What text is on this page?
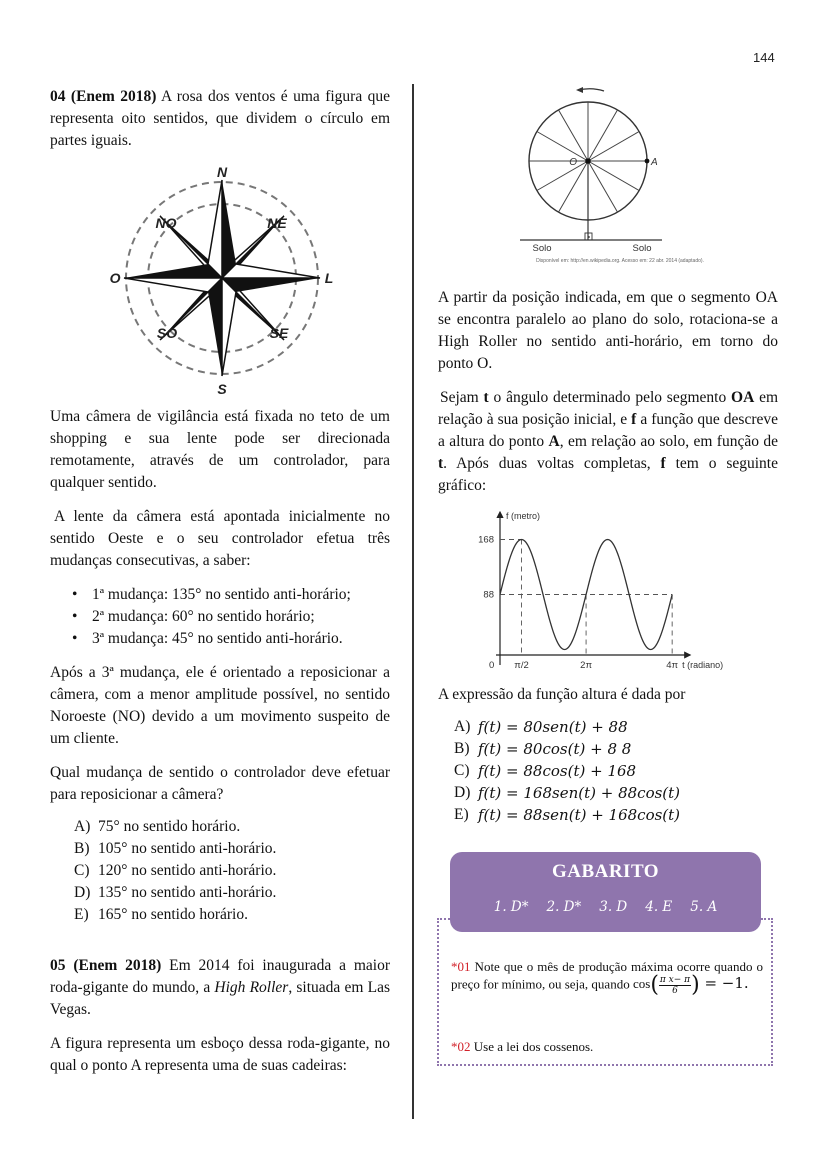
144

04 (Enem 2018) A rosa dos ventos é uma figura que representa oito sentidos, que dividem o círculo em partes iguais.

N
NE
L
SE
S
SO
O
NO

Uma câmera de vigilância está fixada no teto de um shopping e sua lente pode ser direcionada remotamente, através de um controlador, para qualquer sentido.

A lente da câmera está apontada inicialmente no sentido Oeste e o seu controlador efetua três mudanças consecutivas, a saber:

• 1ª mudança: 135° no sentido anti-horário;
• 2ª mudança: 60° no sentido horário;
• 3ª mudança: 45° no sentido anti-horário.

Após a 3ª mudança, ele é orientado a reposicionar a câmera, com a menor amplitude possível, no sentido Noroeste (NO) devido a um movimento suspeito de um cliente.

Qual mudança de sentido o controlador deve efetuar para reposicionar a câmera?

A) 75° no sentido horário.
B) 105° no sentido anti-horário.
C) 120° no sentido anti-horário.
D) 135° no sentido anti-horário.
E) 165° no sentido horário.

05 (Enem 2018) Em 2014 foi inaugurada a maior roda-gigante do mundo, a High Roller, situada em Las Vegas.

A figura representa um esboço dessa roda-gigante, no qual o ponto A representa uma de suas cadeiras:

O	A
Solo	Solo
Disponível em: http://en.wikipedia.org. Acesso em: 22 abr. 2014 (adaptado).

A partir da posição indicada, em que o segmento OA se encontra paralelo ao plano do solo, rotaciona-se a High Roller no sentido anti-horário, em torno do ponto O.

Sejam t o ângulo determinado pelo segmento OA em relação à sua posição inicial, e f a função que descreve a altura do ponto A, em relação ao solo, em função de t. Após duas voltas completas, f tem o seguinte gráfico:

f (metro)
t (radiano)
0 π/2	2π	4π
168
88

A expressão da função altura é dada por

A) f(t) = 80sen(t) + 88
B) f(t) = 80cos(t) + 8 8
C) f(t) = 88cos(t) + 168
D) f(t) = 168sen(t) + 88cos(t)
E) f(t) = 88sen(t) + 168cos(t)
*01 Note que o mês de produção máxima ocorre quando o preço for mínimo, ou seja, quando $\cos( \frac{\text{π x− π}}{6}$ ) = −1.
*02 Use a lei dos cossenos.
GABARITO
1. D* 2. D* 3. D 4. E 5. A
